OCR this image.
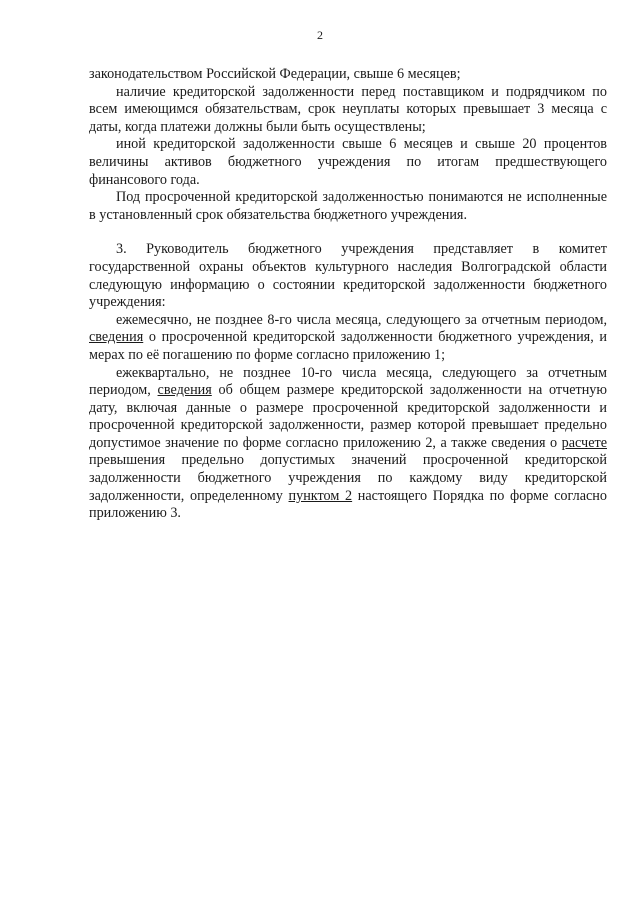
2

законодательством Российской Федерации, свыше 6 месяцев;

наличие кредиторской задолженности перед поставщиком и подрядчиком по всем имеющимся обязательствам, срок неуплаты которых превышает 3 месяца с даты, когда платежи должны были быть осуществлены;

иной кредиторской задолженности свыше 6 месяцев и свыше 20 процентов величины активов бюджетного учреждения по итогам предшествующего финансового года.

Под просроченной кредиторской задолженностью понимаются не исполненные в установленный срок обязательства бюджетного учреждения.

3. Руководитель бюджетного учреждения представляет в комитет государственной охраны объектов культурного наследия Волгоградской области следующую информацию о состоянии кредиторской задолженности бюджетного учреждения:

ежемесячно, не позднее 8-го числа месяца, следующего за отчетным периодом, сведения о просроченной кредиторской задолженности бюджетного учреждения, и мерах по её погашению по форме согласно приложению 1;

ежеквартально, не позднее 10-го числа месяца, следующего за отчетным периодом, сведения об общем размере кредиторской задолженности на отчетную дату, включая данные о размере просроченной кредиторской задолженности и просроченной кредиторской задолженности, размер которой превышает предельно допустимое значение по форме согласно приложению 2, а также сведения о расчете превышения предельно допустимых значений просроченной кредиторской задолженности бюджетного учреждения по каждому виду кредиторской задолженности, определенному пунктом 2 настоящего Порядка по форме согласно приложению 3.
